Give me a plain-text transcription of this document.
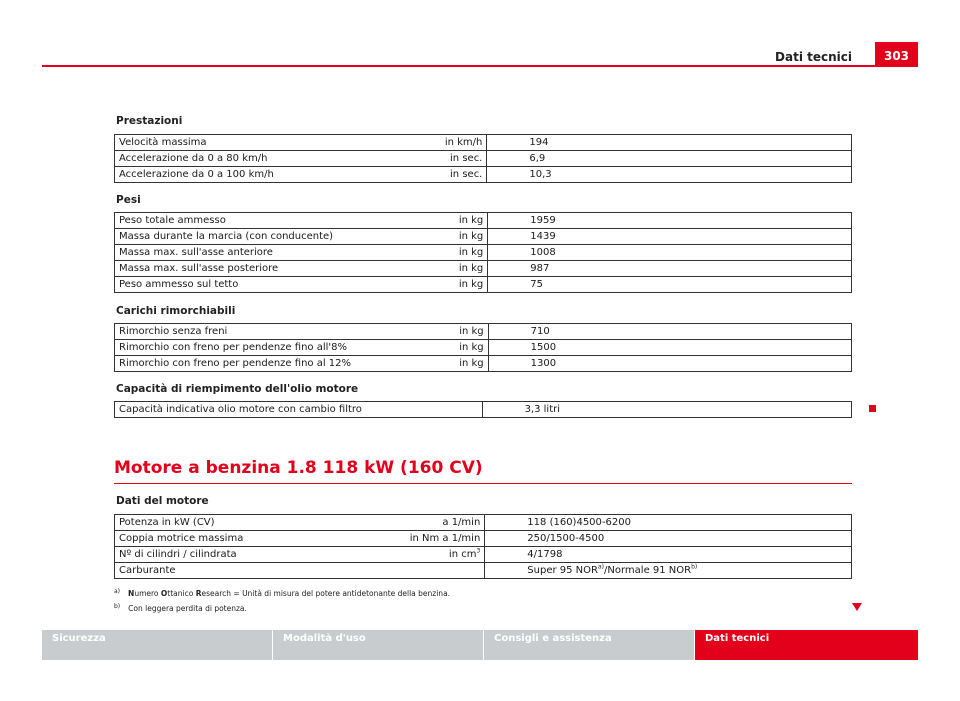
Dati tecnici	303
Prestazioni
Velocità massima	in km/h	194
Accelerazione da 0 a 80 km/h	in sec.	6,9
Accelerazione da 0 a 100 km/h	in sec.	10,3
Pesi
Peso totale ammesso	in kg	1959
Massa durante la marcia (con conducente)	in kg	1439
Massa max. sull'asse anteriore	in kg	1008
Massa max. sull'asse posteriore	in kg	987
Peso ammesso sul tetto	in kg	75
Carichi rimorchiabili
Rimorchio senza freni	in kg	710
Rimorchio con freno per pendenze fino all'8%	in kg	1500
Rimorchio con freno per pendenze fino al 12%	in kg	1300
Capacità di riempimento dell'olio motore
Capacità indicativa olio motore con cambio filtro	3,3 litri
Motore a benzina 1.8 118 kW (160 CV)
Dati del motore
Potenza in kW (CV)	a 1/min	118 (160)4500-6200
Coppia motrice massima	in Nm a 1/min	250/1500-4500
Nº di cilindri / cilindrata	in $cm^3$	4/1798
Carburante		Super 95 NOR$^{a)}$/Normale 91 NOR$^{b)}$
$^{a)}$ Numero Ottanico Research = Unità di misura del potere antidetonante della benzina.
$^{b)}$ Con leggera perdita di potenza.
Sicurezza	Modalità d'uso	Consigli e assistenza	Dati tecnici
